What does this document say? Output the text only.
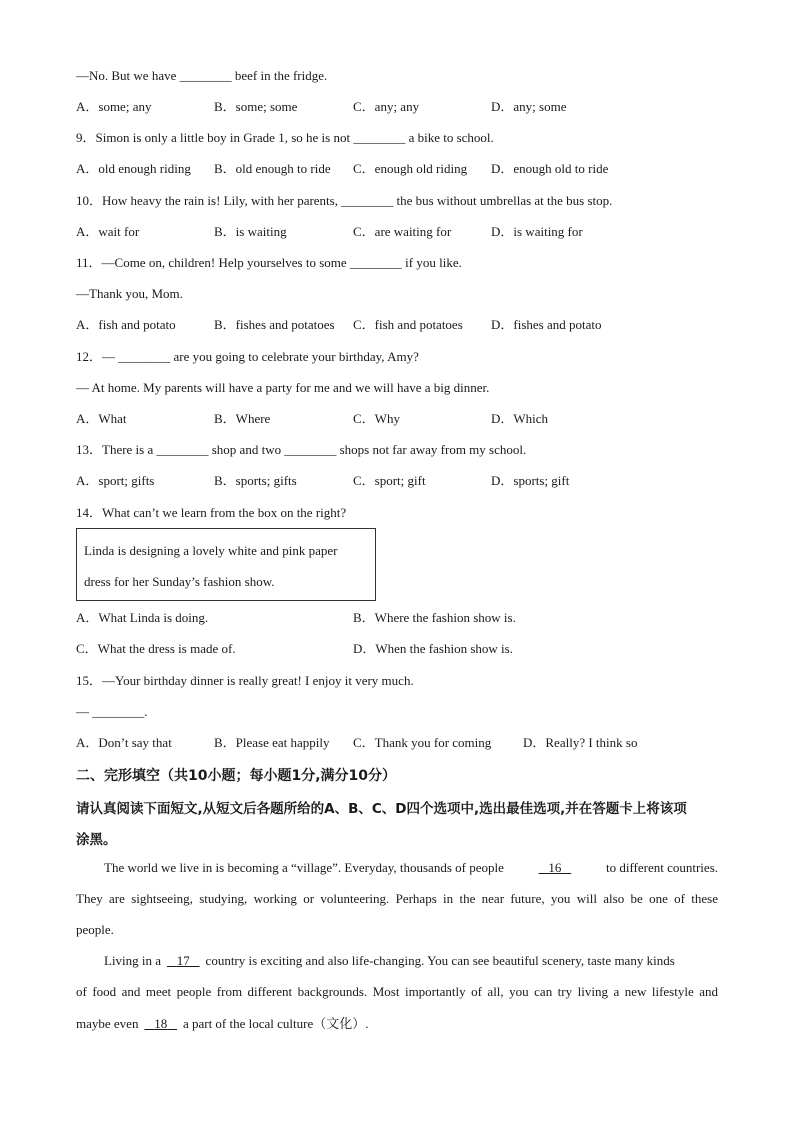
—No. But we have ________ beef in the fridge.
A．some; any	B．some; some	C．any; any	D．any; some
9．Simon is only a little boy in Grade 1, so he is not ________ a bike to school.
A．old enough riding B．old enough to ride C．enough old riding D．enough old to ride
10．How heavy the rain is! Lily, with her parents, ________ the bus without umbrellas at the bus stop.
A．wait for	B．is waiting	C．are waiting for	D．is waiting for
11．—Come on, children! Help yourselves to some ________ if you like.
—Thank you, Mom.
A．fish and potato	B．fishes and potatoes C．fish and potatoes D．fishes and potato
12．— ________ are you going to celebrate your birthday, Amy?
— At home. My parents will have a party for me and we will have a big dinner.
A．What	B．Where	C．Why	D．Which
13．There is a ________ shop and two ________ shops not far away from my school.
A．sport; gifts	B．sports; gifts	C．sport; gift	D．sports; gift
14．What can’t we learn from the box on the right?
Linda is designing a lovely white and pink paper
dress for her Sunday’s fashion show.
A．What Linda is doing.	B．Where the fashion show is.
C．What the dress is made of.	D．When the fashion show is.
15．—Your birthday dinner is really great! I enjoy it very much.
— ________.
A．Don’t say that	B．Please eat happily C．Thank you for coming D．Really? I think so
二、完形填空（共10小题；每小题1分,满分10分）
请认真阅读下面短文,从短文后各题所给的A、B、C、D四个选项中,选出最佳选项,并在答题卡上将该项
涂黑。
The world we live in is becoming a “village”. Everyday, thousands of people	16	to different countries.
They are sightseeing, studying, working or volunteering. Perhaps in the near future, you will also be one of these
people.
Living in a	17	country is exciting and also life-changing. You can see beautiful scenery, taste many kinds
of food and meet people from different backgrounds. Most importantly of all, you can try living a new lifestyle and
maybe even	18	a part of the local culture（文化）.
